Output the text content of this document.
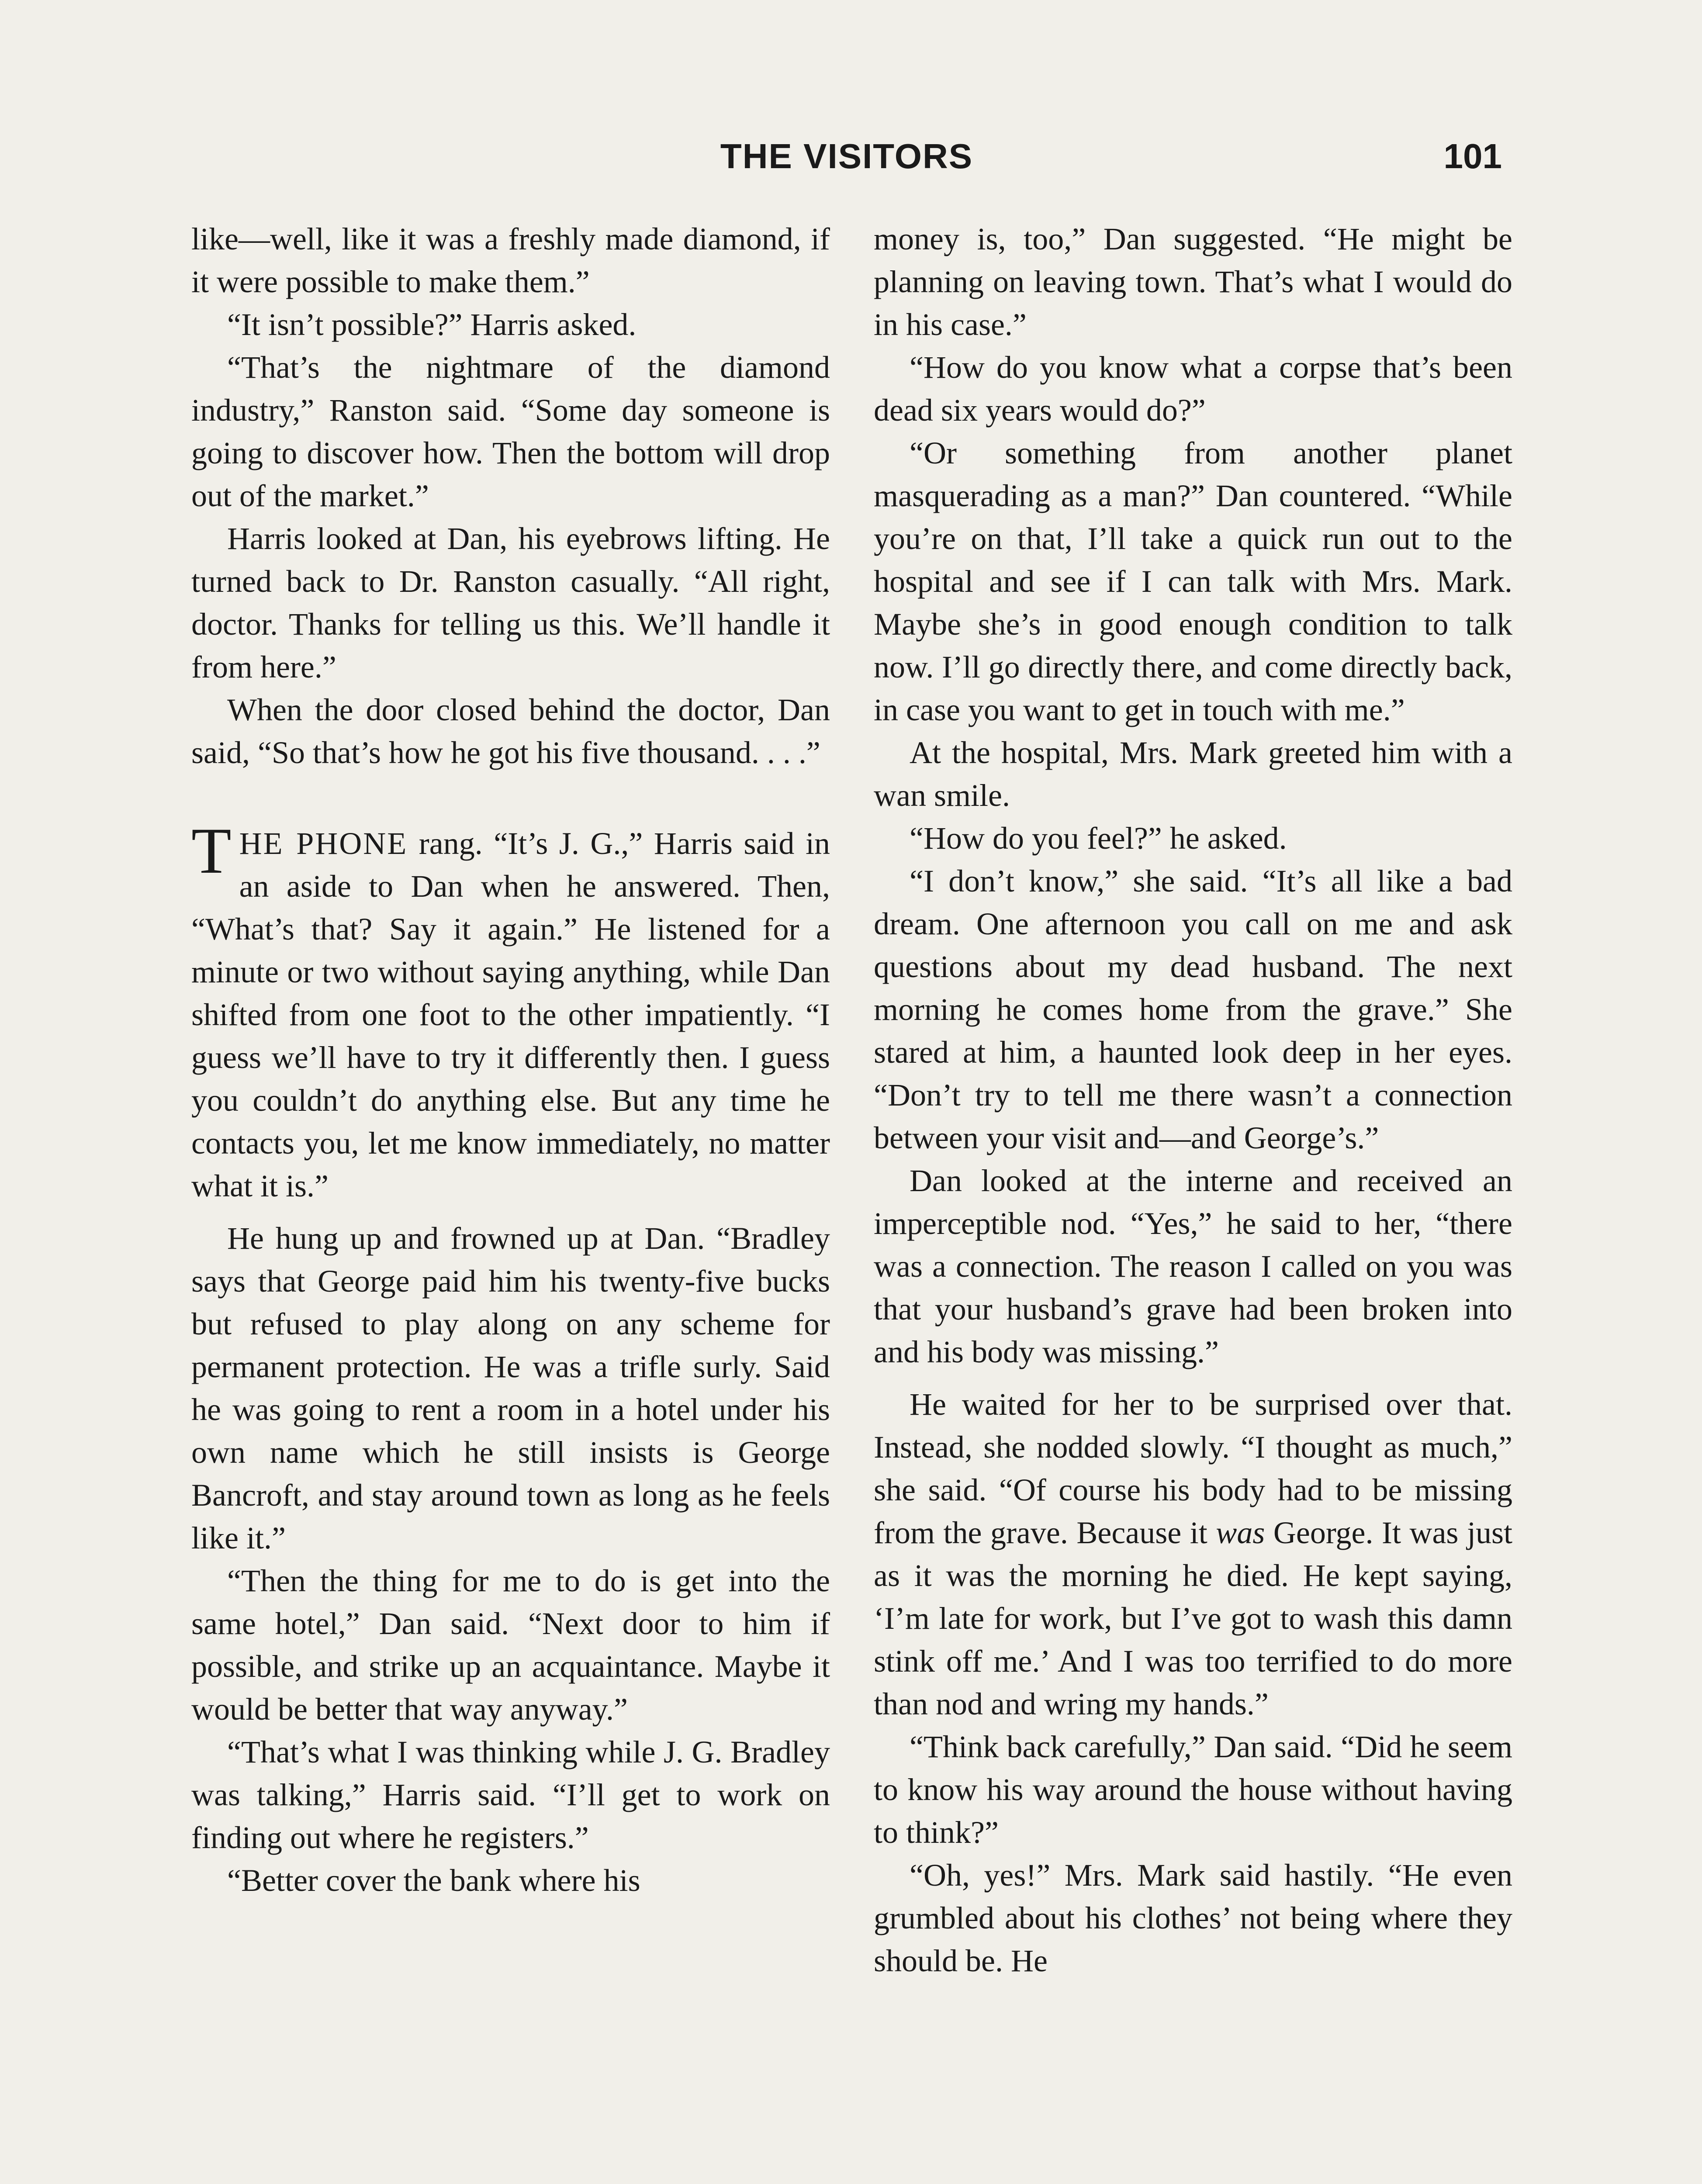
THE VISITORS	101

like—well, like it was a freshly made diamond, if it were possible to make them.”

“It isn’t possible?” Harris asked.

“That’s the nightmare of the diamond industry,” Ranston said. “Some day someone is going to discover how. Then the bottom will drop out of the market.”

Harris looked at Dan, his eyebrows lifting. He turned back to Dr. Ranston casually. “All right, doctor. Thanks for telling us this. We’ll handle it from here.”

When the door closed behind the doctor, Dan said, “So that’s how he got his five thousand. . . .”

THE PHONE rang. “It’s J. G.,” Harris said in an aside to Dan when he answered. Then, “What’s that? Say it again.” He listened for a minute or two without saying anything, while Dan shifted from one foot to the other impatiently. “I guess we’ll have to try it differently then. I guess you couldn’t do anything else. But any time he contacts you, let me know immediately, no matter what it is.”

He hung up and frowned up at Dan. “Bradley says that George paid him his twenty-five bucks but refused to play along on any scheme for permanent protection. He was a trifle surly. Said he was going to rent a room in a hotel under his own name which he still insists is George Bancroft, and stay around town as long as he feels like it.”

“Then the thing for me to do is get into the same hotel,” Dan said. “Next door to him if possible, and strike up an acquaintance. Maybe it would be better that way anyway.”

“That’s what I was thinking while J. G. Bradley was talking,” Harris said. “I’ll get to work on finding out where he registers.”

“Better cover the bank where his

money is, too,” Dan suggested. “He might be planning on leaving town. That’s what I would do in his case.”

“How do you know what a corpse that’s been dead six years would do?”

“Or something from another planet masquerading as a man?” Dan countered. “While you’re on that, I’ll take a quick run out to the hospital and see if I can talk with Mrs. Mark. Maybe she’s in good enough condition to talk now. I’ll go directly there, and come directly back, in case you want to get in touch with me.”

At the hospital, Mrs. Mark greeted him with a wan smile.

“How do you feel?” he asked.

“I don’t know,” she said. “It’s all like a bad dream. One afternoon you call on me and ask questions about my dead husband. The next morning he comes home from the grave.” She stared at him, a haunted look deep in her eyes. “Don’t try to tell me there wasn’t a connection between your visit and—and George’s.”

Dan looked at the interne and received an imperceptible nod. “Yes,” he said to her, “there was a connection. The reason I called on you was that your husband’s grave had been broken into and his body was missing.”

He waited for her to be surprised over that. Instead, she nodded slowly. “I thought as much,” she said. “Of course his body had to be missing from the grave. Because it was George. It was just as it was the morning he died. He kept saying, ‘I’m late for work, but I’ve got to wash this damn stink off me.’ And I was too terrified to do more than nod and wring my hands.”

“Think back carefully,” Dan said. “Did he seem to know his way around the house without having to think?”

“Oh, yes!” Mrs. Mark said hastily. “He even grumbled about his clothes’ not being where they should be. He
